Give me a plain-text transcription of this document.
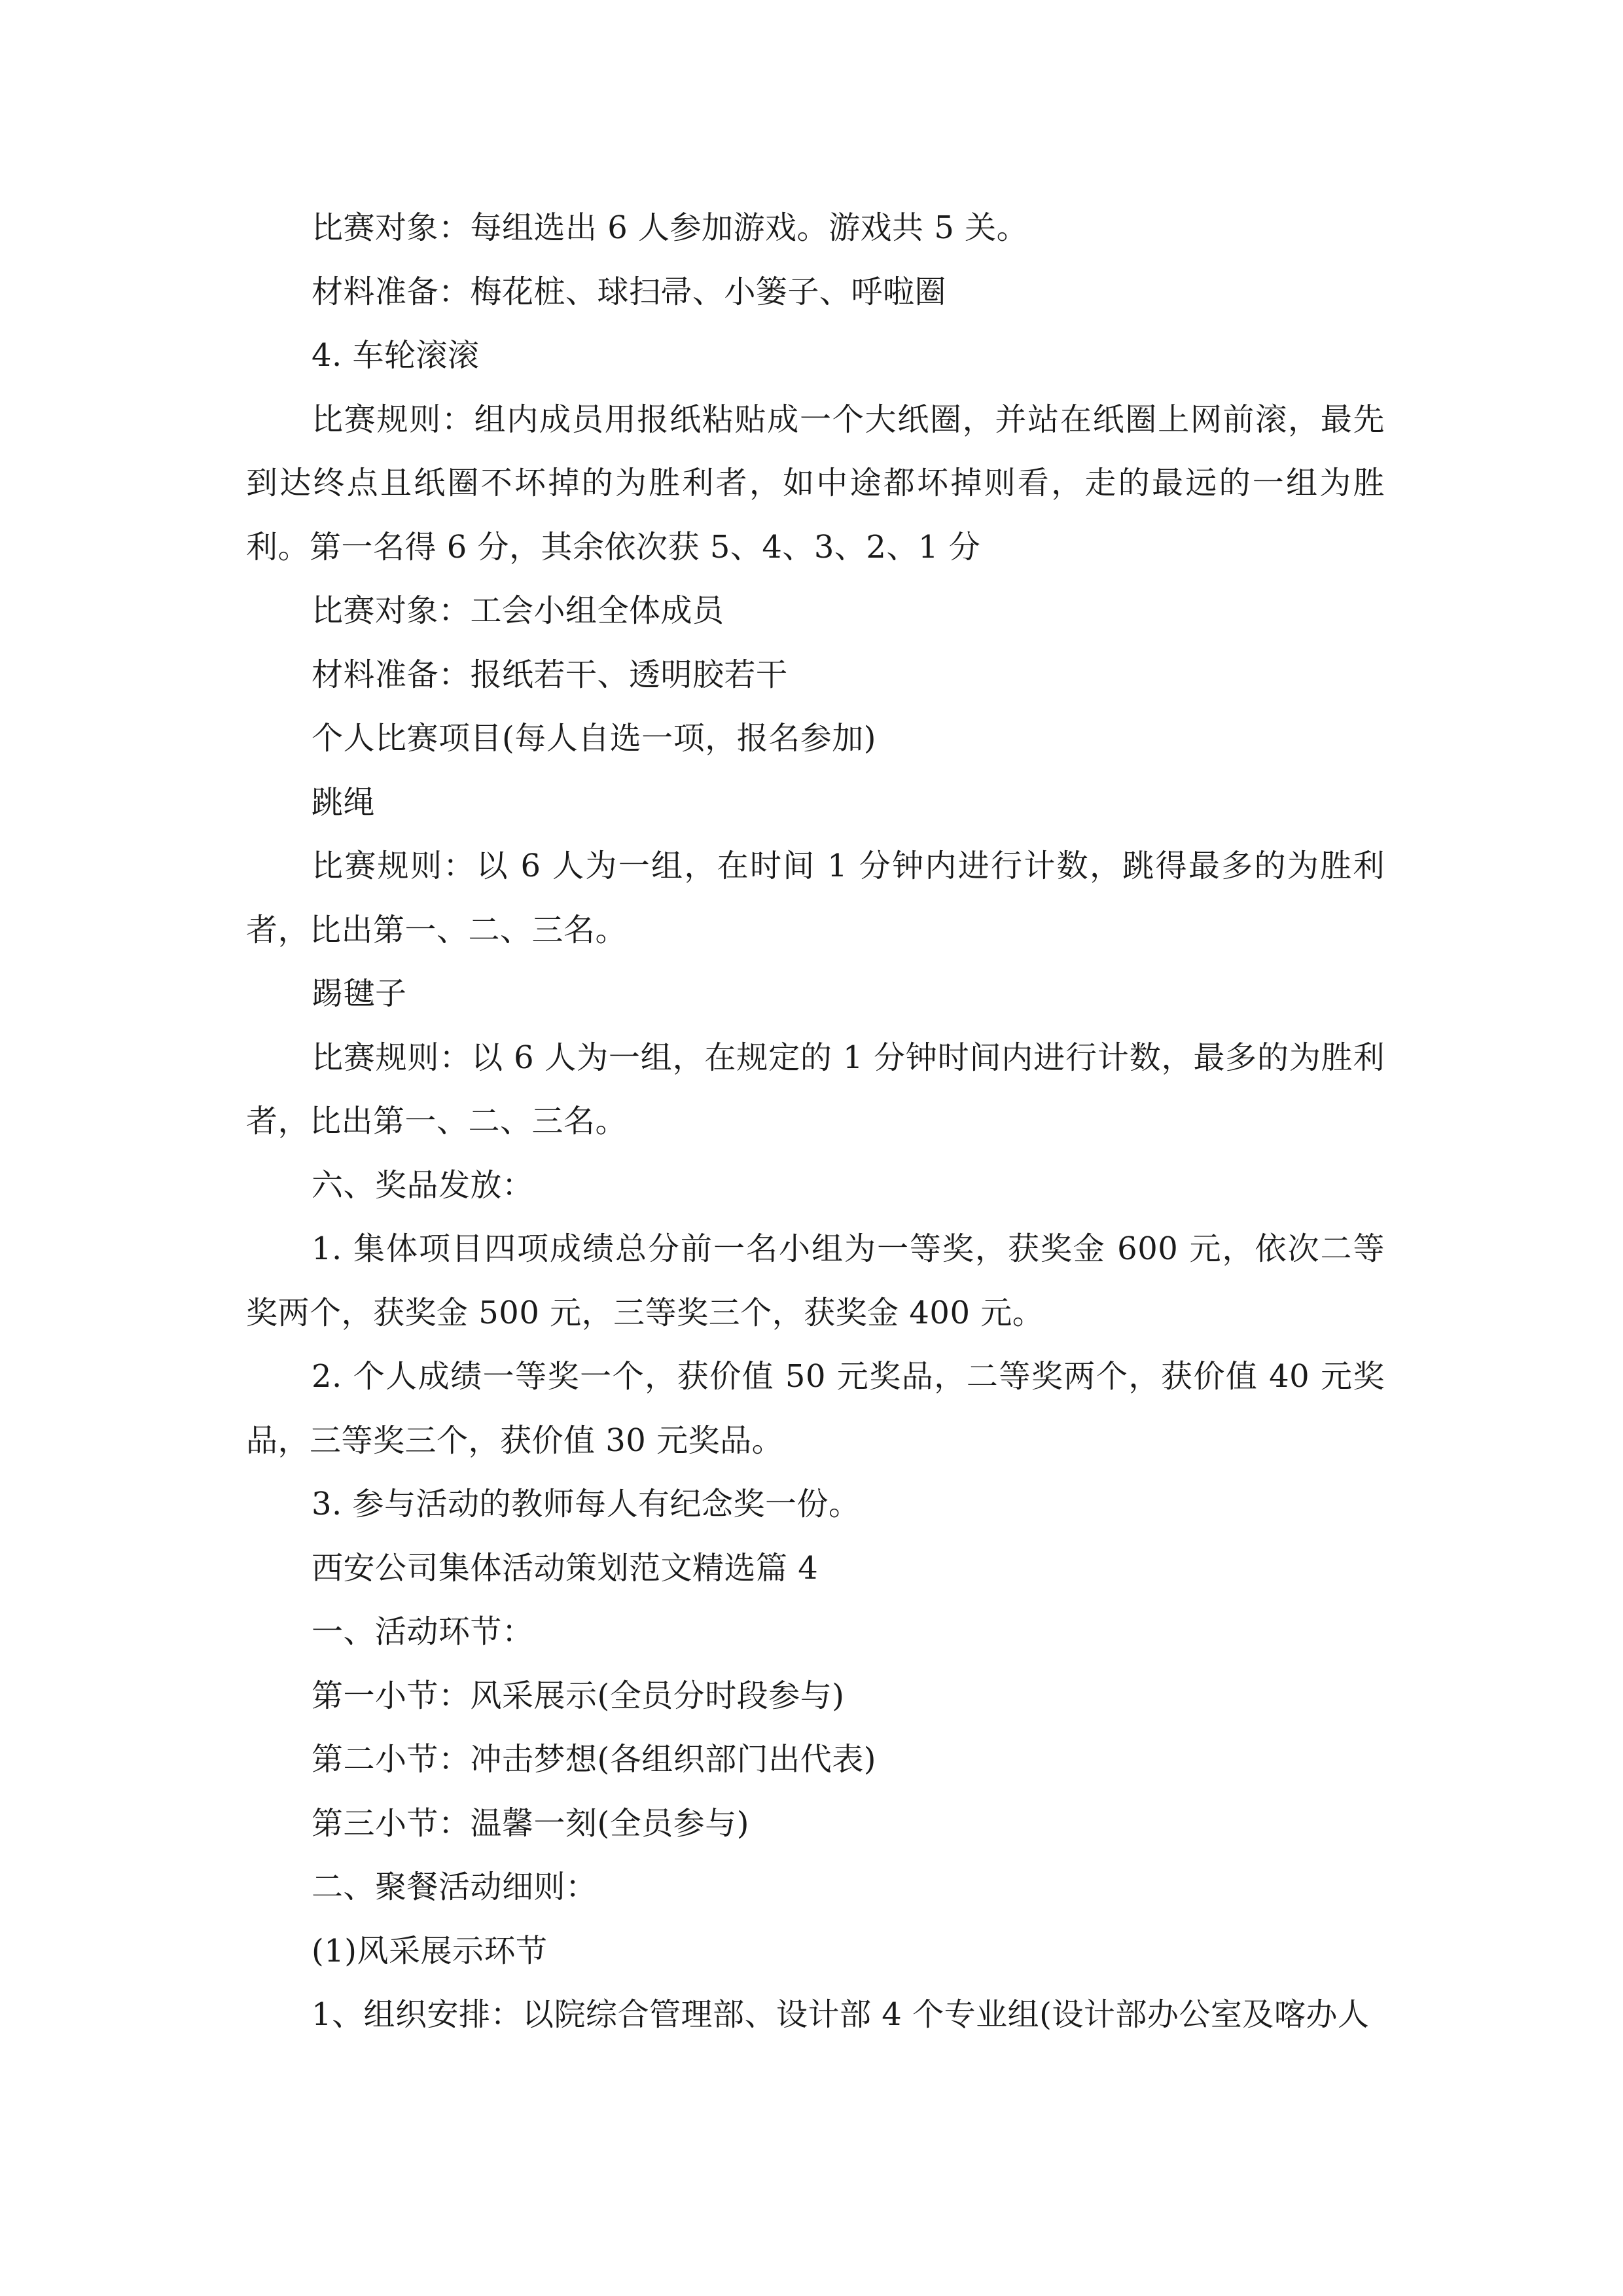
比赛对象：每组选出 6 人参加游戏。游戏共 5 关。

材料准备：梅花桩、球扫帚、小篓子、呼啦圈

4. 车轮滚滚

比赛规则：组内成员用报纸粘贴成一个大纸圈，并站在纸圈上网前滚，最先到达终点且纸圈不坏掉的为胜利者，如中途都坏掉则看，走的最远的一组为胜利。第一名得 6 分，其余依次获 5、4、3、2、1 分

比赛对象：工会小组全体成员

材料准备：报纸若干、透明胶若干

个人比赛项目(每人自选一项，报名参加)

跳绳

比赛规则：以 6 人为一组，在时间 1 分钟内进行计数，跳得最多的为胜利者，比出第一、二、三名。

踢毽子

比赛规则：以 6 人为一组，在规定的 1 分钟时间内进行计数，最多的为胜利者，比出第一、二、三名。

六、奖品发放：

1. 集体项目四项成绩总分前一名小组为一等奖，获奖金 600 元，依次二等奖两个，获奖金 500 元，三等奖三个，获奖金 400 元。

2. 个人成绩一等奖一个，获价值 50 元奖品，二等奖两个，获价值 40 元奖品，三等奖三个，获价值 30 元奖品。

3. 参与活动的教师每人有纪念奖一份。

西安公司集体活动策划范文精选篇 4

一、活动环节：

第一小节：风采展示(全员分时段参与)

第二小节：冲击梦想(各组织部门出代表)

第三小节：温馨一刻(全员参与)

二、聚餐活动细则：

(1)风采展示环节

1、组织安排：以院综合管理部、设计部 4 个专业组(设计部办公室及喀办人
